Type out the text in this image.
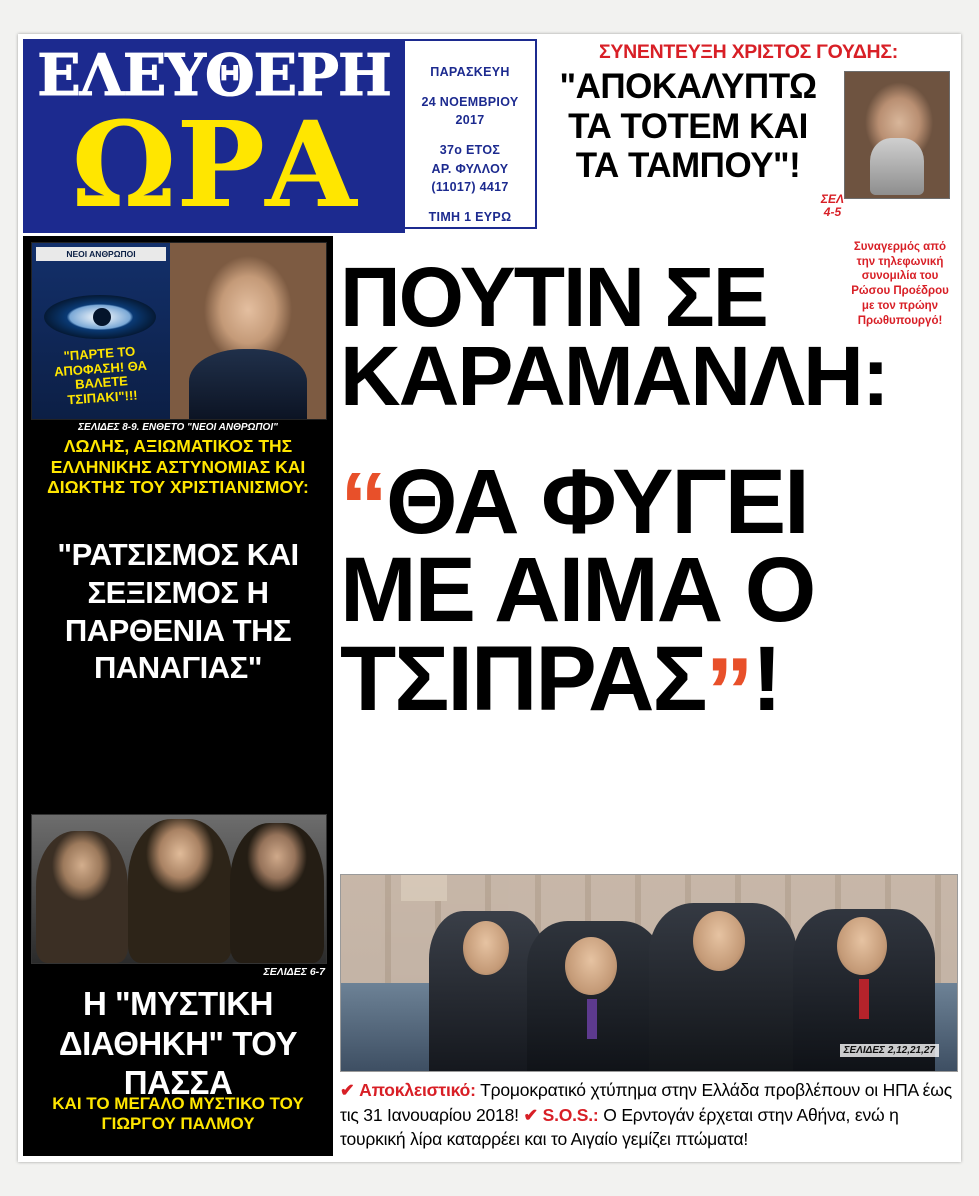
ΕΛΕΥΘΕΡΗ
ΩΡΑ
ΠΑΡΑΣΚΕΥΗ
24 ΝΟΕΜΒΡΙΟΥ
2017
37ο ΕΤΟΣ
ΑΡ. ΦΥΛΛΟΥ
(11017) 4417
ΤΙΜΗ 1 ΕΥΡΩ
ΣΥΝΕΝΤΕΥΞΗ ΧΡΙΣΤΟΣ ΓΟΥΔΗΣ:
"ΑΠΟΚΑΛΥΠΤΩ ΤΑ ΤΟΤΕΜ ΚΑΙ ΤΑ ΤΑΜΠΟΥ"!
ΣΕΛ
4-5
ΝΕΟΙ ΑΝΘΡΩΠΟΙ
"ΠΑΡΤΕ ΤΟ ΑΠΟΦΑΣΗ! ΘΑ ΒΑΛΕΤΕ ΤΣΙΠΑΚΙ"!!!
ΣΕΛΙΔΕΣ 8-9. ΕΝΘΕΤΟ "ΝΕΟΙ ΑΝΘΡΩΠΟΙ"
ΛΩΛΗΣ, ΑΞΙΩΜΑΤΙΚΟΣ ΤΗΣ ΕΛΛΗΝΙΚΗΣ ΑΣΤΥΝΟΜΙΑΣ ΚΑΙ ΔΙΩΚΤΗΣ ΤΟΥ ΧΡΙΣΤΙΑΝΙΣΜΟΥ:
"ΡΑΤΣΙΣΜΟΣ ΚΑΙ ΣΕΞΙΣΜΟΣ Η ΠΑΡΘΕΝΙΑ ΤΗΣ ΠΑΝΑΓΙΑΣ"
ΣΕΛΙΔΕΣ 6-7
Η "ΜΥΣΤΙΚΗ ΔΙΑΘΗΚΗ" ΤΟΥ ΠΑΣΣΑ
ΚΑΙ ΤΟ ΜΕΓΑΛΟ ΜΥΣΤΙΚΟ ΤΟΥ ΓΙΩΡΓΟΥ ΠΑΛΜΟΥ
Συναγερμός από την τηλεφωνική συνομιλία του Ρώσου Προέδρου με τον πρώην Πρωθυπουργό!
ΠΟΥΤΙΝ ΣΕ ΚΑΡΑΜΑΝΛΗ:
“ΘΑ ΦΥΓΕΙ ΜΕ ΑΙΜΑ Ο ΤΣΙΠΡΑΣ”!
ΣΕΛΙΔΕΣ 2,12,21,27
✔ Αποκλειστικό: Τρομοκρατικό χτύπημα στην Ελλάδα προβλέπουν οι ΗΠΑ έως τις 31 Ιανουαρίου 2018! ✔ S.O.S.: Ο Ερντογάν έρχεται στην Αθήνα, ενώ η τουρκική λίρα καταρρέει και το Αιγαίο γεμίζει πτώματα!
